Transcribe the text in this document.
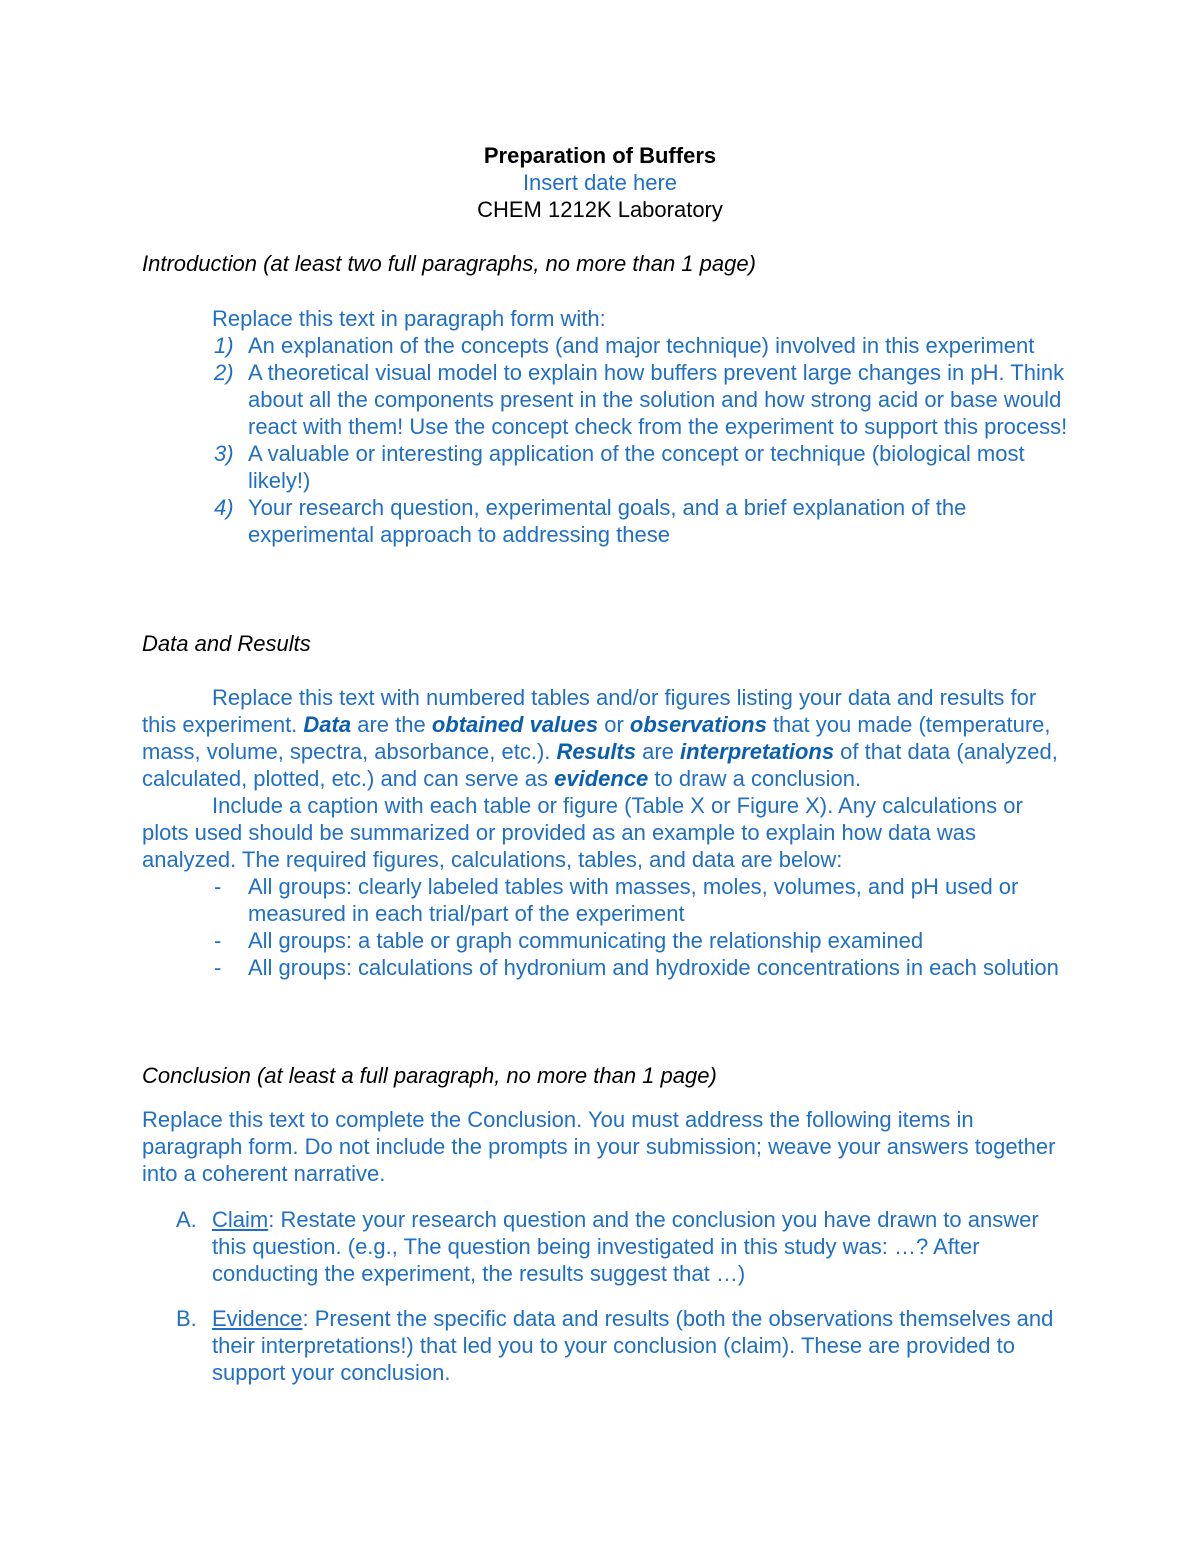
Preparation of Buffers
Insert date here
CHEM 1212K Laboratory
Introduction (at least two full paragraphs, no more than 1 page)
Replace this text in paragraph form with:
1) An explanation of the concepts (and major technique) involved in this experiment
2) A theoretical visual model to explain how buffers prevent large changes in pH. Think about all the components present in the solution and how strong acid or base would react with them! Use the concept check from the experiment to support this process!
3) A valuable or interesting application of the concept or technique (biological most likely!)
4) Your research question, experimental goals, and a brief explanation of the experimental approach to addressing these
Data and Results
Replace this text with numbered tables and/or figures listing your data and results for this experiment. Data are the obtained values or observations that you made (temperature, mass, volume, spectra, absorbance, etc.). Results are interpretations of that data (analyzed, calculated, plotted, etc.) and can serve as evidence to draw a conclusion.
Include a caption with each table or figure (Table X or Figure X). Any calculations or plots used should be summarized or provided as an example to explain how data was analyzed. The required figures, calculations, tables, and data are below:
- All groups: clearly labeled tables with masses, moles, volumes, and pH used or measured in each trial/part of the experiment
- All groups: a table or graph communicating the relationship examined
- All groups: calculations of hydronium and hydroxide concentrations in each solution
Conclusion (at least a full paragraph, no more than 1 page)
Replace this text to complete the Conclusion. You must address the following items in paragraph form. Do not include the prompts in your submission; weave your answers together into a coherent narrative.
A. Claim: Restate your research question and the conclusion you have drawn to answer this question. (e.g., The question being investigated in this study was: …? After conducting the experiment, the results suggest that …)
B. Evidence: Present the specific data and results (both the observations themselves and their interpretations!) that led you to your conclusion (claim). These are provided to support your conclusion.
